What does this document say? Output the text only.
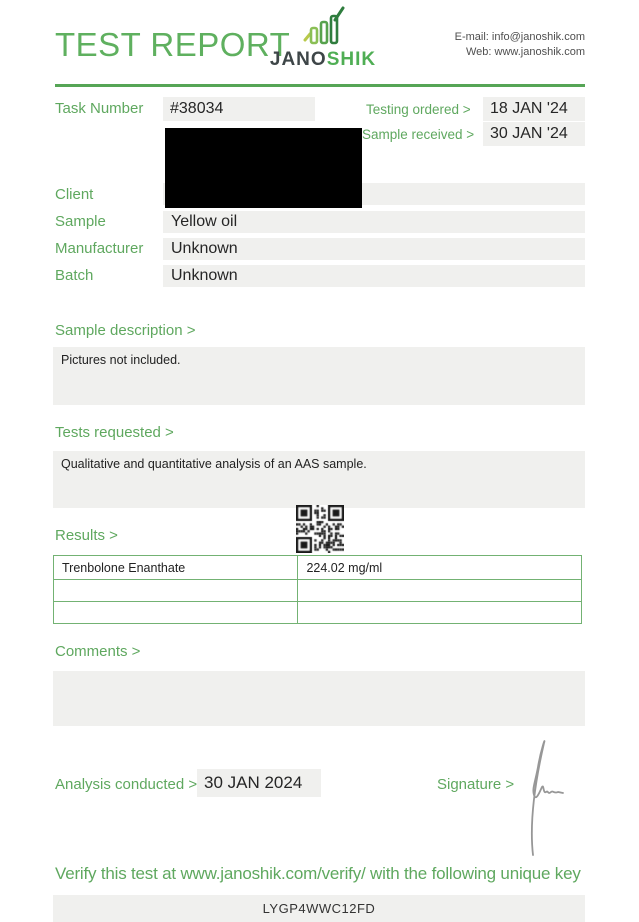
TEST REPORT
JANOSHIK
E-mail: info@janoshik.com
Web: www.janoshik.com
Task Number	#38034	Testing ordered >	18 JAN '24
Sample received > 30 JAN '24
Client
Sample	Yellow oil
Manufacturer	Unknown
Batch	Unknown
Sample description >
Pictures not included.
Tests requested >
Qualitative and quantitative analysis of an AAS sample.
Results >
Trenbolone Enanthate	224.02 mg/ml

Comments >
Analysis conducted > 30 JAN 2024	Signature >
Verify this test at www.janoshik.com/verify/ with the following unique key
LYGP4WWC12FD
